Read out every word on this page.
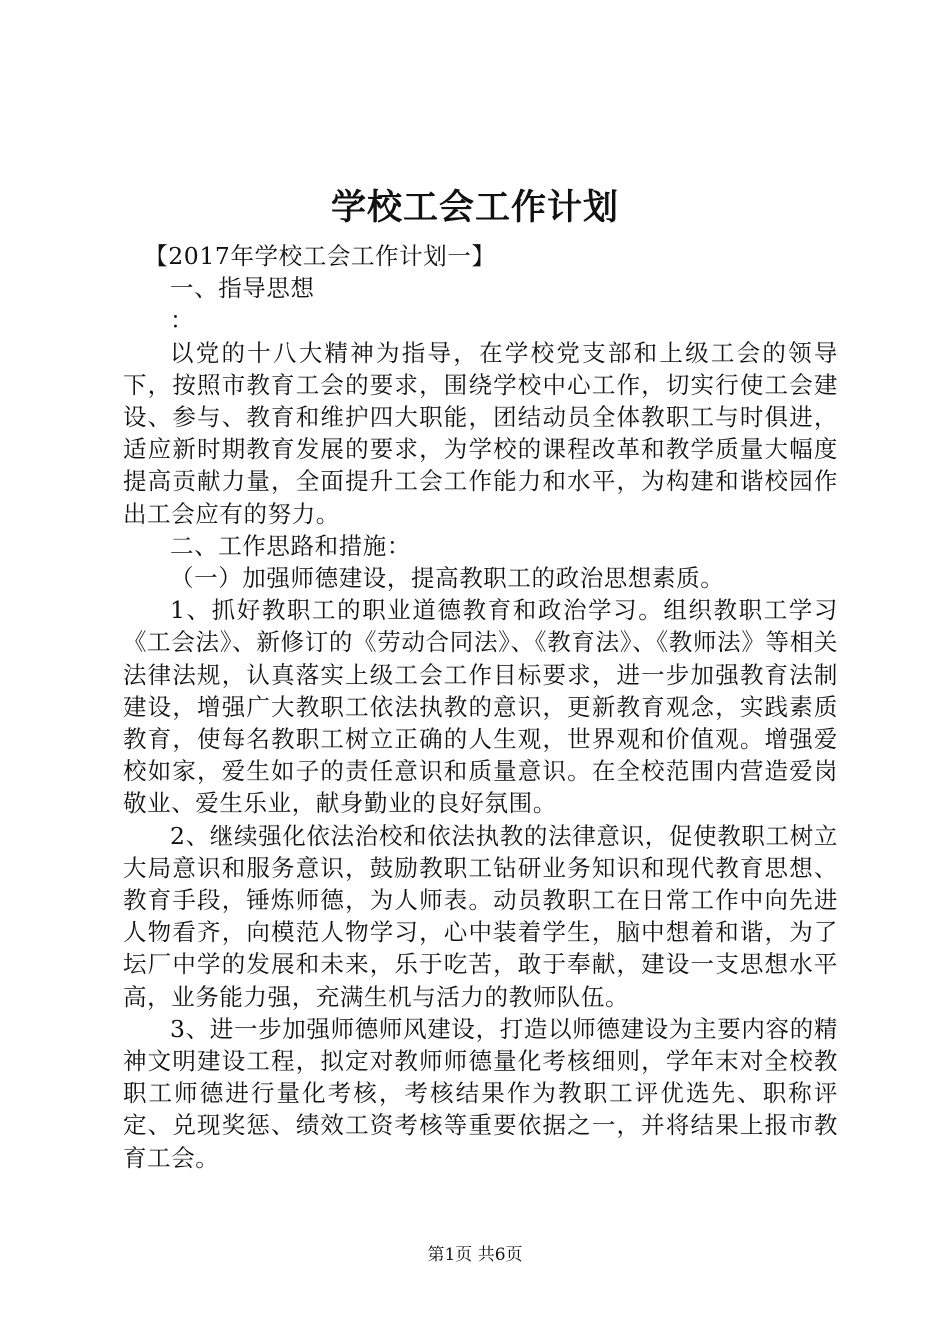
学校工会工作计划

【2017年学校工会工作计划一】

一、指导思想

：

以党的十八大精神为指导，在学校党支部和上级工会的领导下，按照市教育工会的要求，围绕学校中心工作，切实行使工会建设、参与、教育和维护四大职能，团结动员全体教职工与时俱进，适应新时期教育发展的要求，为学校的课程改革和教学质量大幅度提高贡献力量，全面提升工会工作能力和水平，为构建和谐校园作出工会应有的努力。

二、工作思路和措施：

（一）加强师德建设，提高教职工的政治思想素质。

1、抓好教职工的职业道德教育和政治学习。组织教职工学习《工会法》、新修订的《劳动合同法》、《教育法》、《教师法》等相关法律法规，认真落实上级工会工作目标要求，进一步加强教育法制建设，增强广大教职工依法执教的意识，更新教育观念，实践素质教育，使每名教职工树立正确的人生观，世界观和价值观。增强爱校如家，爱生如子的责任意识和质量意识。在全校范围内营造爱岗敬业、爱生乐业，献身勤业的良好氛围。

2、继续强化依法治校和依法执教的法律意识，促使教职工树立大局意识和服务意识，鼓励教职工钻研业务知识和现代教育思想、教育手段，锤炼师德，为人师表。动员教职工在日常工作中向先进人物看齐，向模范人物学习，心中装着学生，脑中想着和谐，为了坛厂中学的发展和未来，乐于吃苦，敢于奉献，建设一支思想水平高，业务能力强，充满生机与活力的教师队伍。

3、进一步加强师德师风建设，打造以师德建设为主要内容的精神文明建设工程，拟定对教师师德量化考核细则，学年末对全校教职工师德进行量化考核，考核结果作为教职工评优选先、职称评定、兑现奖惩、绩效工资考核等重要依据之一，并将结果上报市教育工会。

第1页 共6页
